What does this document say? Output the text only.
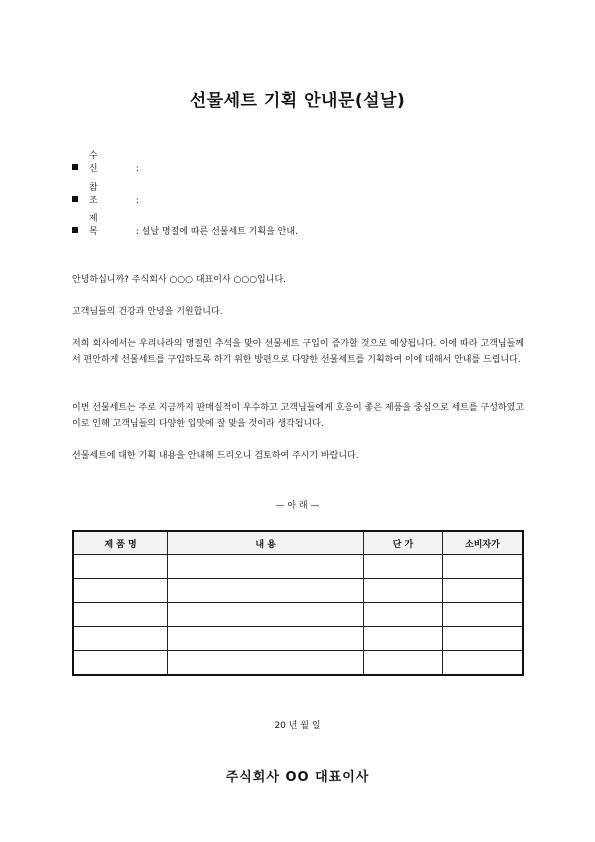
선물세트 기획 안내문(설날)
수 신 :
참 조 :
제 목 : 설날 명절에 따른 선물세트 기획을 안내.
안녕하십니까? 주식회사 ○○○ 대표이사 ○○○입니다.
고객님들의 건강과 안녕을 기원합니다.
저희 회사에서는 우리나라의 명절인 추석을 맞아 선물세트 구입이 증가할 것으로 예상됩니다. 이에 따라 고객님들께서 편안하게 선물세트를 구입하도록 하기 위한 방편으로 다양한 선물세트를 기획하여 이에 대해서 안내를 드립니다.
이번 선물세트는 주로 지금까지 판매실적이 우수하고 고객님들에게 호응이 좋은 제품을 중심으로 세트를 구성하였고 이로 인해 고객님들의 다양한 입맛에 잘 맞을 것이라 생각됩니다.
선물세트에 대한 기획 내용을 안내해 드리오니 검토하여 주시기 바랍니다.
— 아 래 —
제 품 명	내 용	단 가	소비자가

20 년 월 일
주식회사 OO 대표이사
